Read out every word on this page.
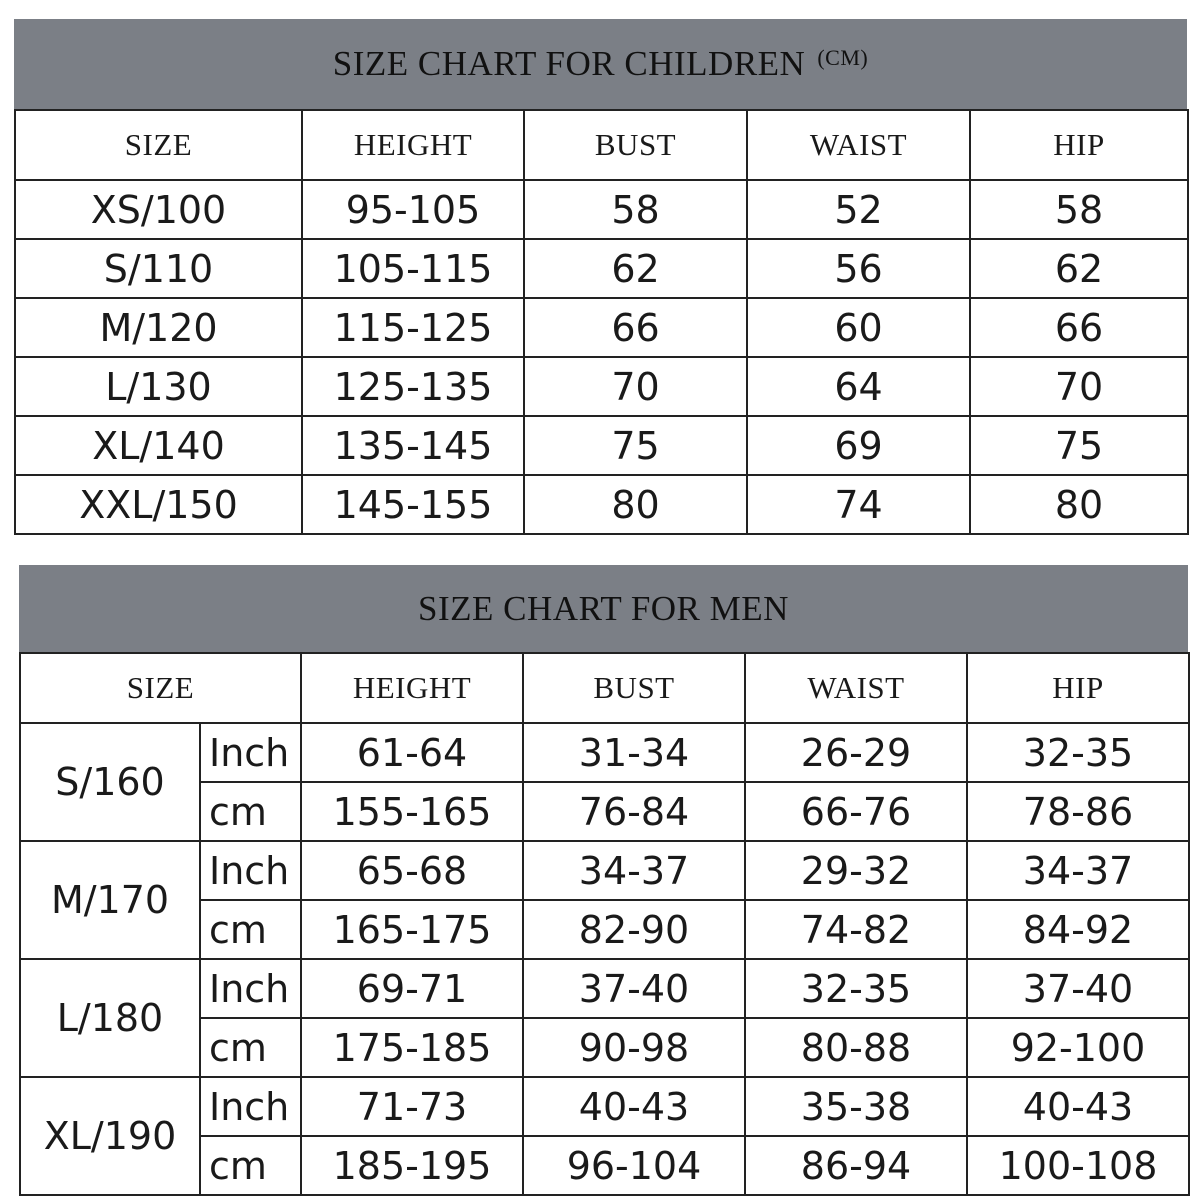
SIZE CHART FOR CHILDREN (CM)
SIZE	HEIGHT	BUST	WAIST	HIP
XS/100	95-105	58	52	58
S/110	105-115	62	56	62
M/120	115-125	66	60	66
L/130	125-135	70	64	70
XL/140	135-145	75	69	75
XXL/150	145-155	80	74	80
SIZE CHART FOR MEN
SIZE		HEIGHT	BUST	WAIST	HIP
S/160	Inch	61-64	31-34	26-29	32-35
	cm	155-165	76-84	66-76	78-86
M/170	Inch	65-68	34-37	29-32	34-37
	cm	165-175	82-90	74-82	84-92
L/180	Inch	69-71	37-40	32-35	37-40
	cm	175-185	90-98	80-88	92-100
XL/190	Inch	71-73	40-43	35-38	40-43
	cm	185-195	96-104	86-94	100-108
